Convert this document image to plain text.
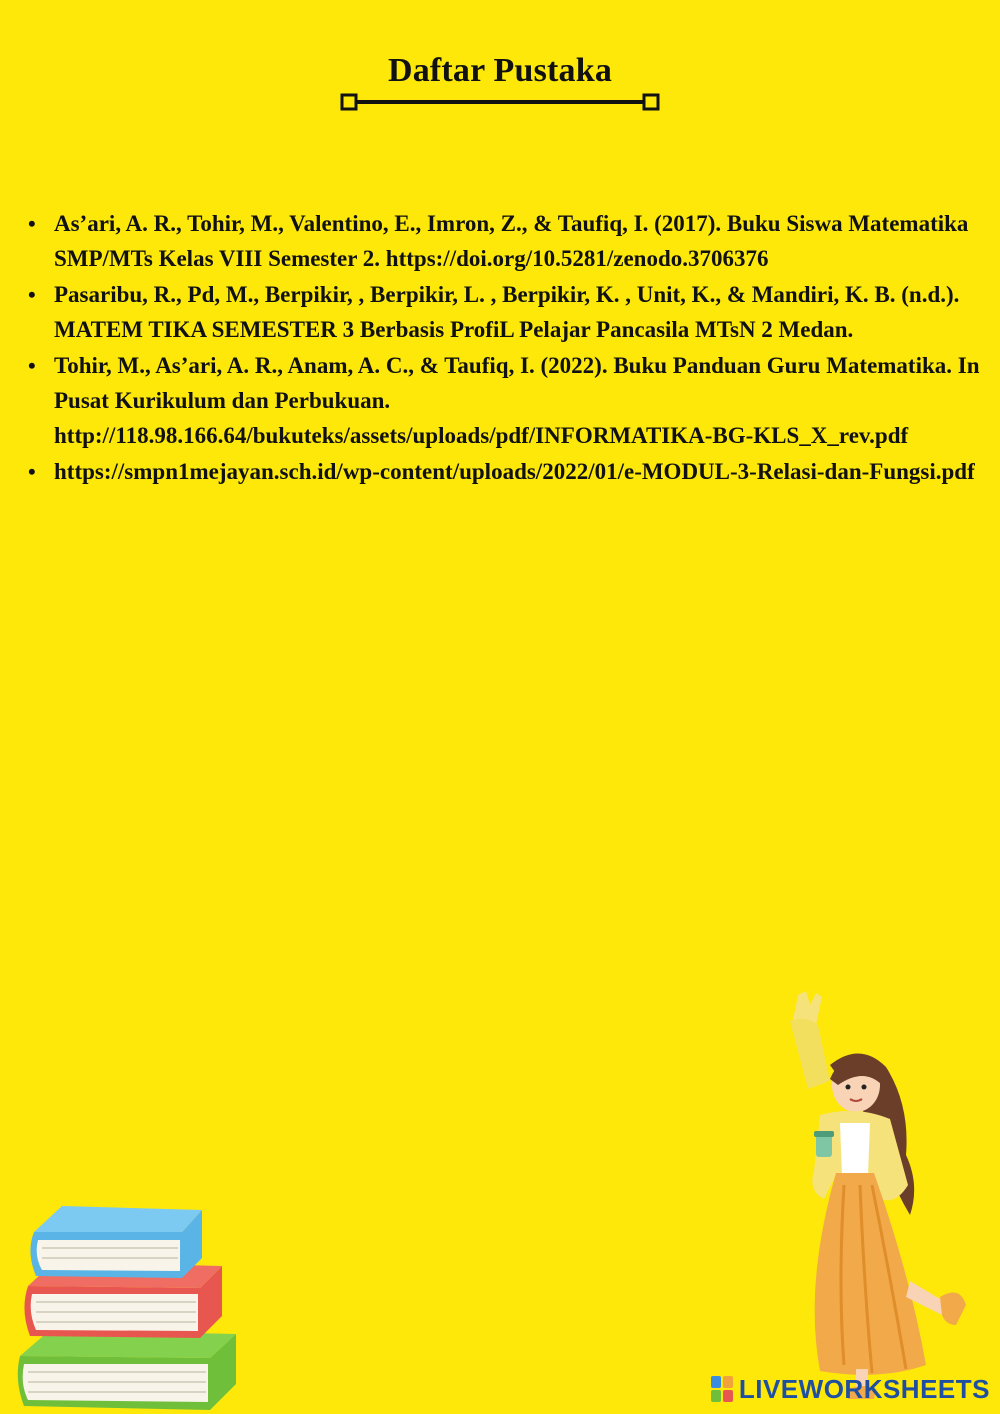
Daftar Pustaka
• As’ari, A. R., Tohir, M., Valentino, E., Imron, Z., & Taufiq, I. (2017). Buku Siswa Matematika SMP/MTs Kelas VIII Semester 2. https://doi.org/10.5281/zenodo.3706376
• Pasaribu, R., Pd, M., Berpikir, , Berpikir, L. , Berpikir, K. , Unit, K., & Mandiri, K. B. (n.d.). MATEM TIKA SEMESTER 3 Berbasis ProfiL Pelajar Pancasila MTsN 2 Medan.
• Tohir, M., As’ari, A. R., Anam, A. C., & Taufiq, I. (2022). Buku Panduan Guru Matematika. In Pusat Kurikulum dan Perbukuan. http://118.98.166.64/bukuteks/assets/uploads/pdf/INFORMATIKA-BG-KLS_X_rev.pdf
• https://smpn1mejayan.sch.id/wp-content/uploads/2022/01/e-MODUL-3-Relasi-dan-Fungsi.pdf
LIVEWORKSHEETS
